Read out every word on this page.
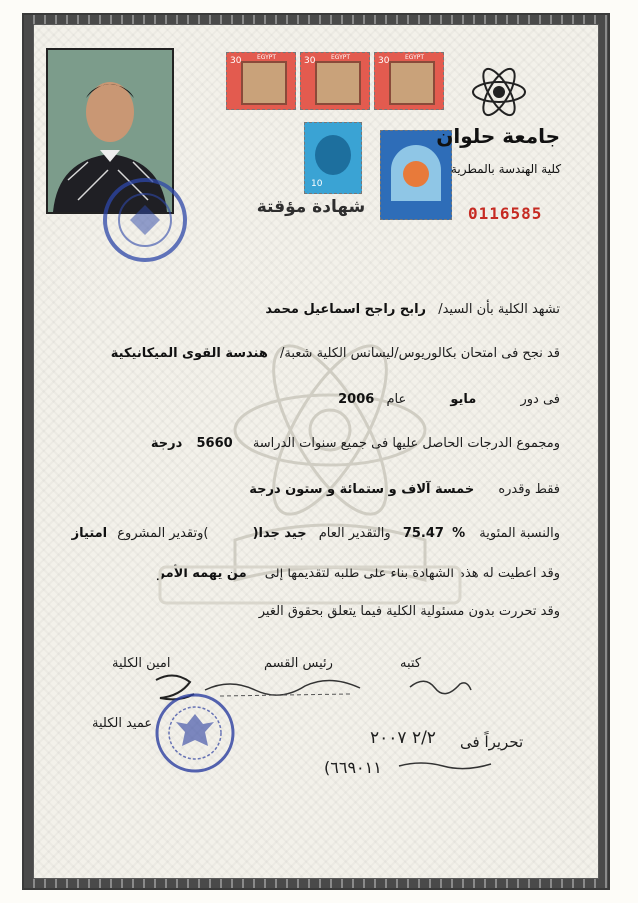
30	EGYPT	30	EGYPT	30	EGYPT
10
جامعة حلوان
كلية الهندسة بالمطرية
شهادة مؤقتة	0116585
تشهد الكلية بأن السيد/ رابح راجح اسماعيل محمد
قد نجح فى امتحان بكالوريوس/ليسانس الكلية شعبة/ هندسة القوى الميكانيكية
فى دور مايو عام 2006
ومجموع الدرجات الحاصل عليها فى جميع سنوات الدراسة 5660 درجة
فقط وقدره خمسة آلاف و ستمائة و ستون درجة
والنسبة المئوية % 75.47 والتقدير العام جيد جدا( )وتقدير المشروع امتياز
وقد اعطيت له هذه الشهادة بناء على طلبه لتقديمها إلى من يهمه الأمر
وقد تحررت بدون مسئولية الكلية فيما يتعلق بحقوق الغير
كتبه
رئيس القسم
امين الكلية
عميد الكلية
تحريراً فى
٢/٢ ٢٠٠٧
(٦٦٩٠١١
